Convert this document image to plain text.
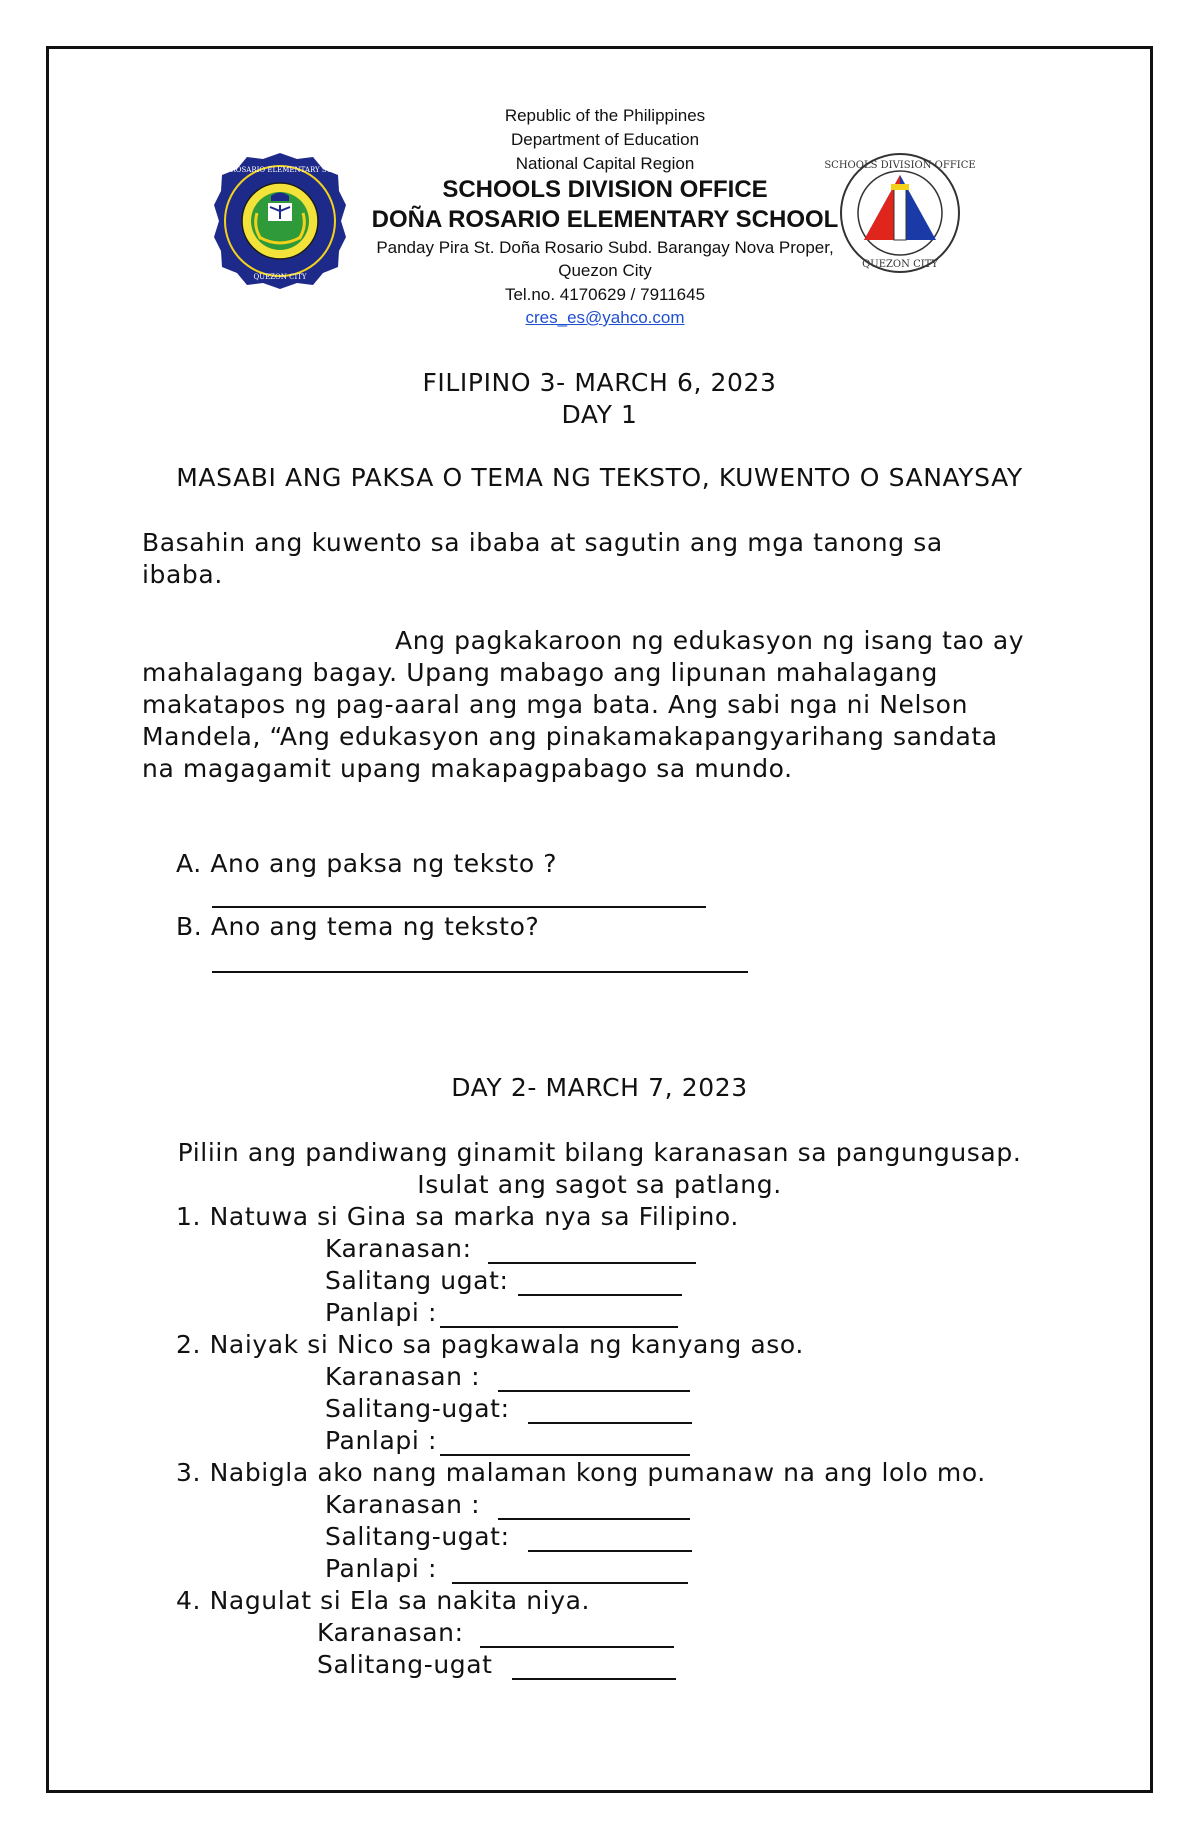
DOÑA ROSARIO ELEMENTARY SCHOOL
QUEZON CITY
Republic of the Philippines
Department of Education
National Capital Region
SCHOOLS DIVISION OFFICE
DOÑA ROSARIO ELEMENTARY SCHOOL
Panday Pira St. Doña Rosario Subd. Barangay Nova Proper,
Quezon City
Tel.no. 4170629 / 7911645
cres_es@yahco.com
SCHOOLS DIVISION OFFICE
QUEZON CITY
FILIPINO 3- MARCH 6, 2023
DAY 1
MASABI ANG PAKSA O TEMA NG TEKSTO, KUWENTO O SANAYSAY
Basahin ang kuwento sa ibaba at sagutin ang mga tanong sa
ibaba.
Ang pagkakaroon ng edukasyon ng isang tao ay
mahalagang bagay. Upang mabago ang lipunan mahalagang
makatapos ng pag-aaral ang mga bata. Ang sabi nga ni Nelson
Mandela, “Ang edukasyon ang pinakamakapangyarihang sandata
na magagamit upang makapagpabago sa mundo.
A. Ano ang paksa ng teksto ?
B. Ano ang tema ng teksto?
DAY 2- MARCH 7, 2023
Piliin ang pandiwang ginamit bilang karanasan sa pangungusap.
Isulat ang sagot sa patlang.
1. Natuwa si Gina sa marka nya sa Filipino.
Karanasan:
Salitang ugat:
Panlapi :
2. Naiyak si Nico sa pagkawala ng kanyang aso.
Karanasan :
Salitang-ugat:
Panlapi :
3. Nabigla ako nang malaman kong pumanaw na ang lolo mo.
Karanasan :
Salitang-ugat:
Panlapi :
4. Nagulat si Ela sa nakita niya.
Karanasan:
Salitang-ugat
